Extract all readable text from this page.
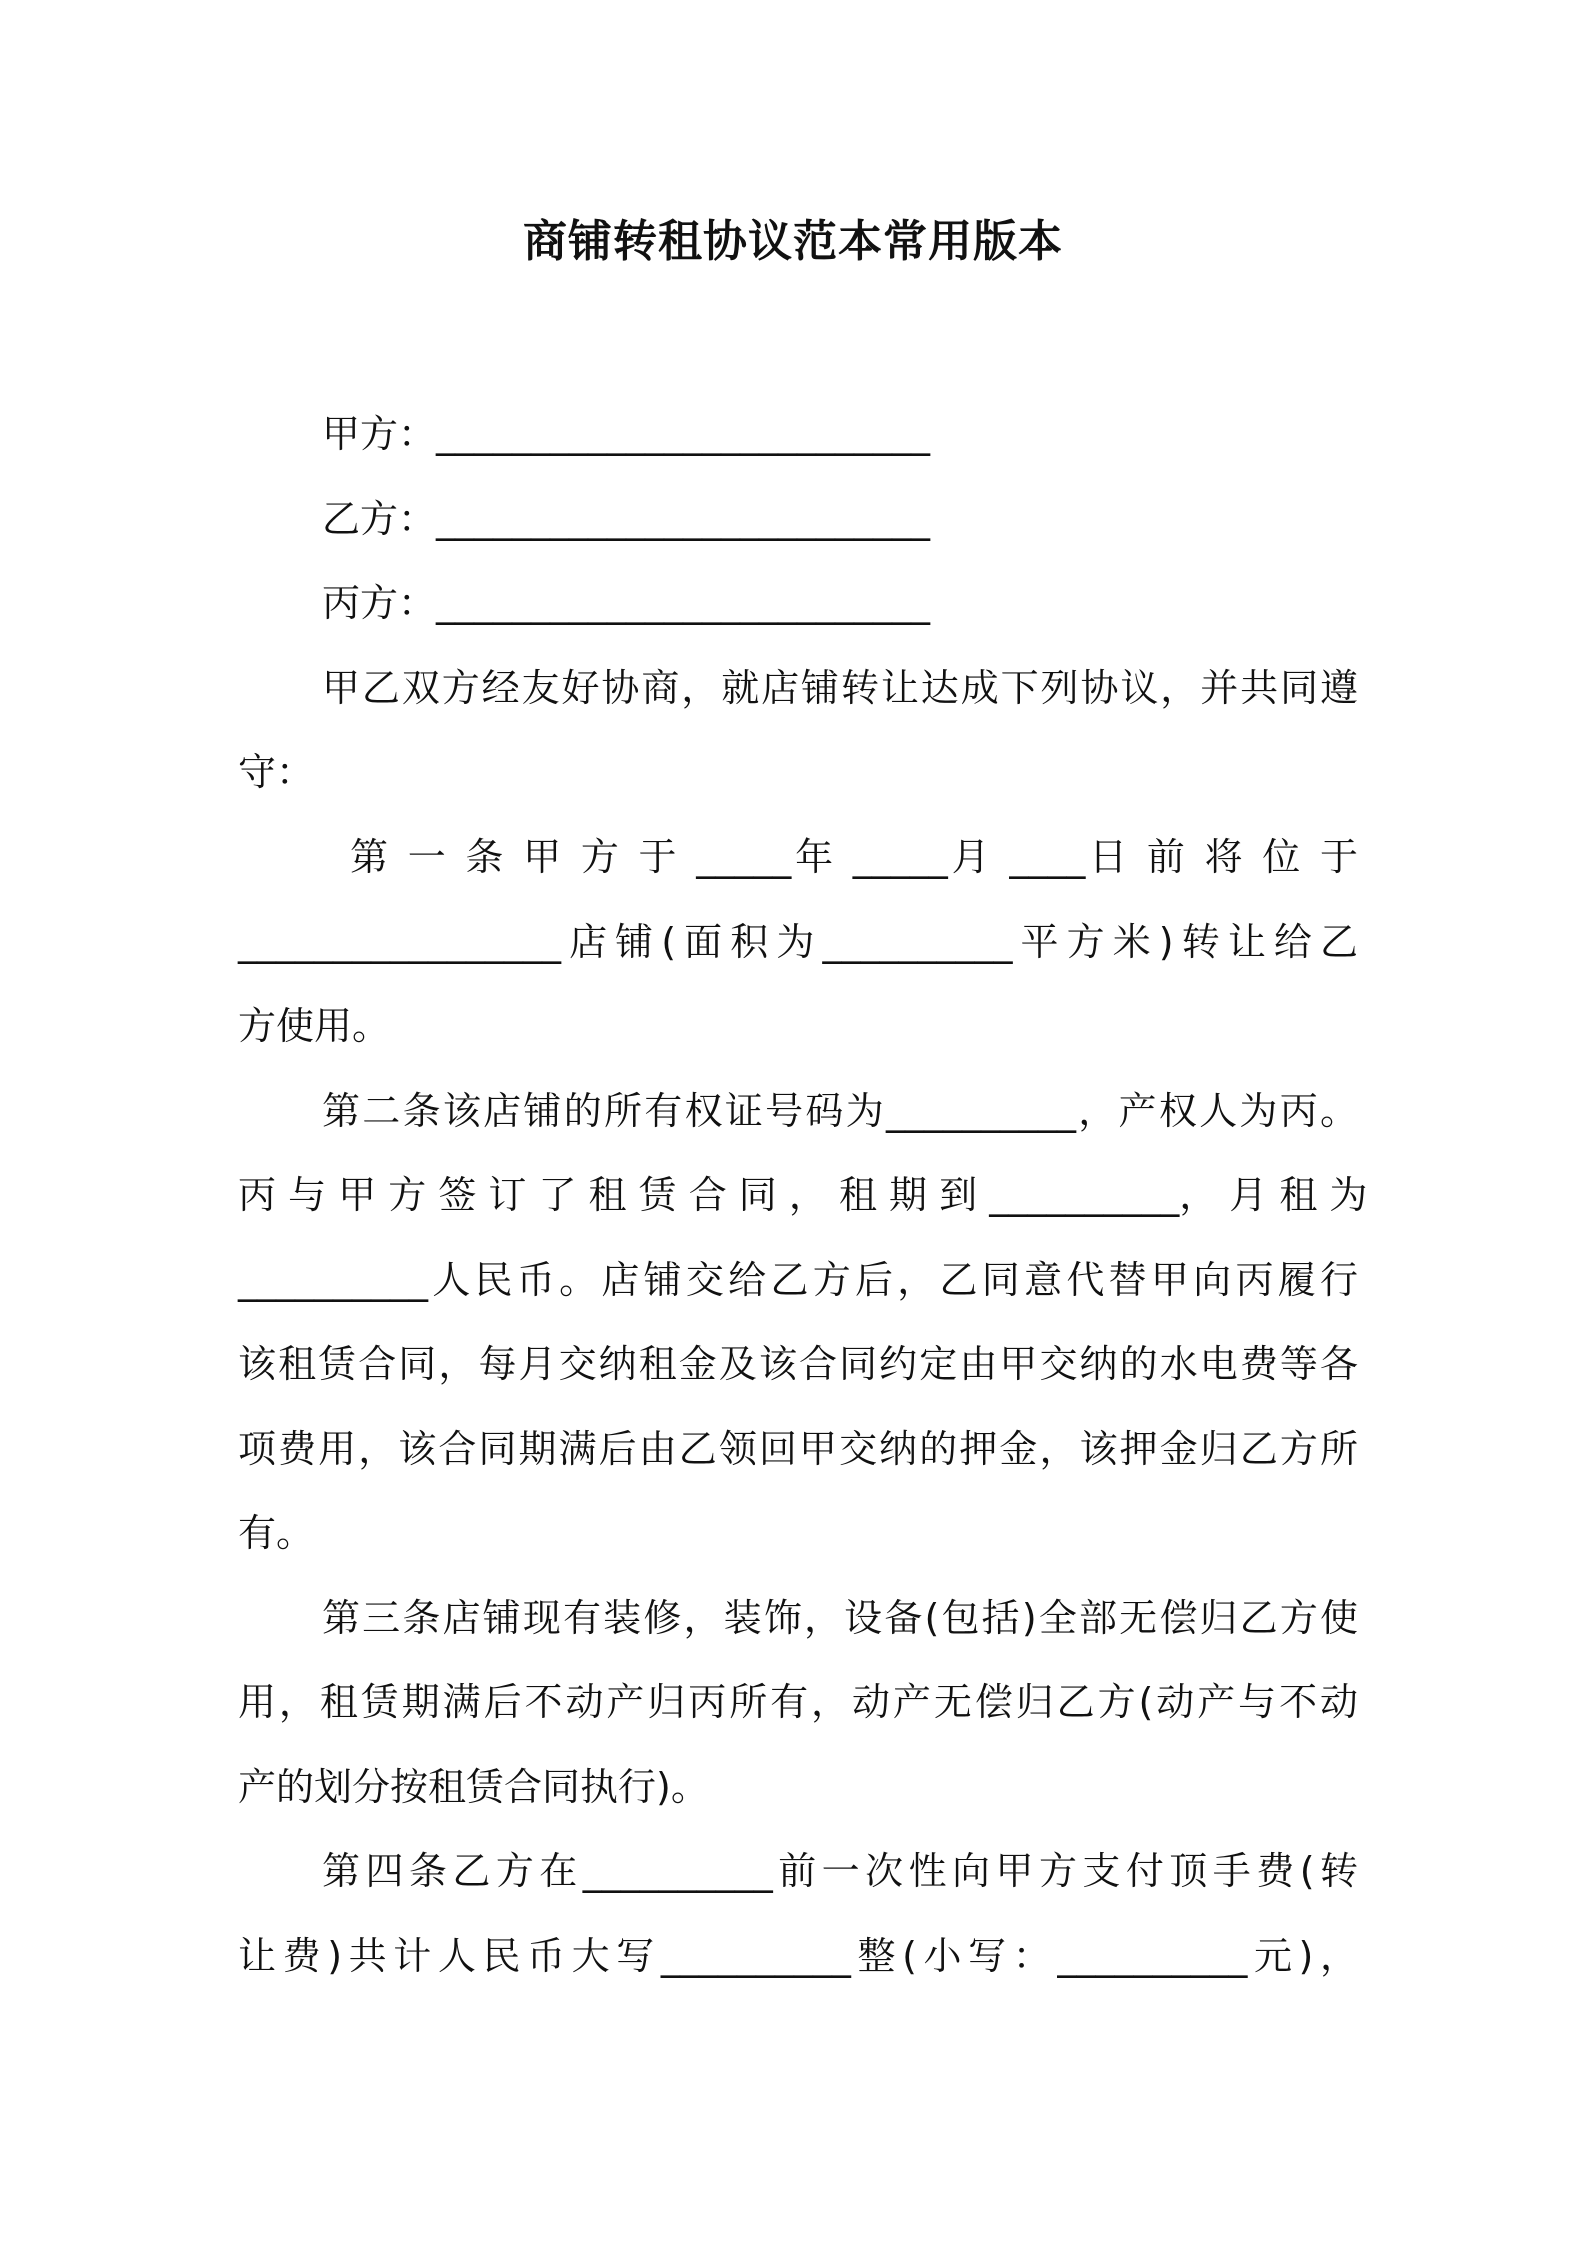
商铺转租协议范本常用版本
甲方：__________________________
乙方：__________________________
丙方：__________________________
甲乙双方经友好协商，就店铺转让达成下列协议，并共同遵
守：
第 一 条 甲 方 于 _____年 _____月 ____日 前 将 位 于
_________________店铺(面积为__________平方米)转让给乙
方使用。
第二条该店铺的所有权证号码为__________，产权人为丙。
丙 与 甲 方 签 订 了 租 赁 合 同 ， 租 期 到 __________， 月 租 为
__________人民币。店铺交给乙方后，乙同意代替甲向丙履行
该租赁合同，每月交纳租金及该合同约定由甲交纳的水电费等各
项费用，该合同期满后由乙领回甲交纳的押金，该押金归乙方所
有。
第三条店铺现有装修，装饰，设备(包括)全部无偿归乙方使
用，租赁期满后不动产归丙所有，动产无偿归乙方(动产与不动
产的划分按租赁合同执行)。
第四条乙方在__________前一次性向甲方支付顶手费(转
让费)共计人民币大写__________整(小写：__________元)，
